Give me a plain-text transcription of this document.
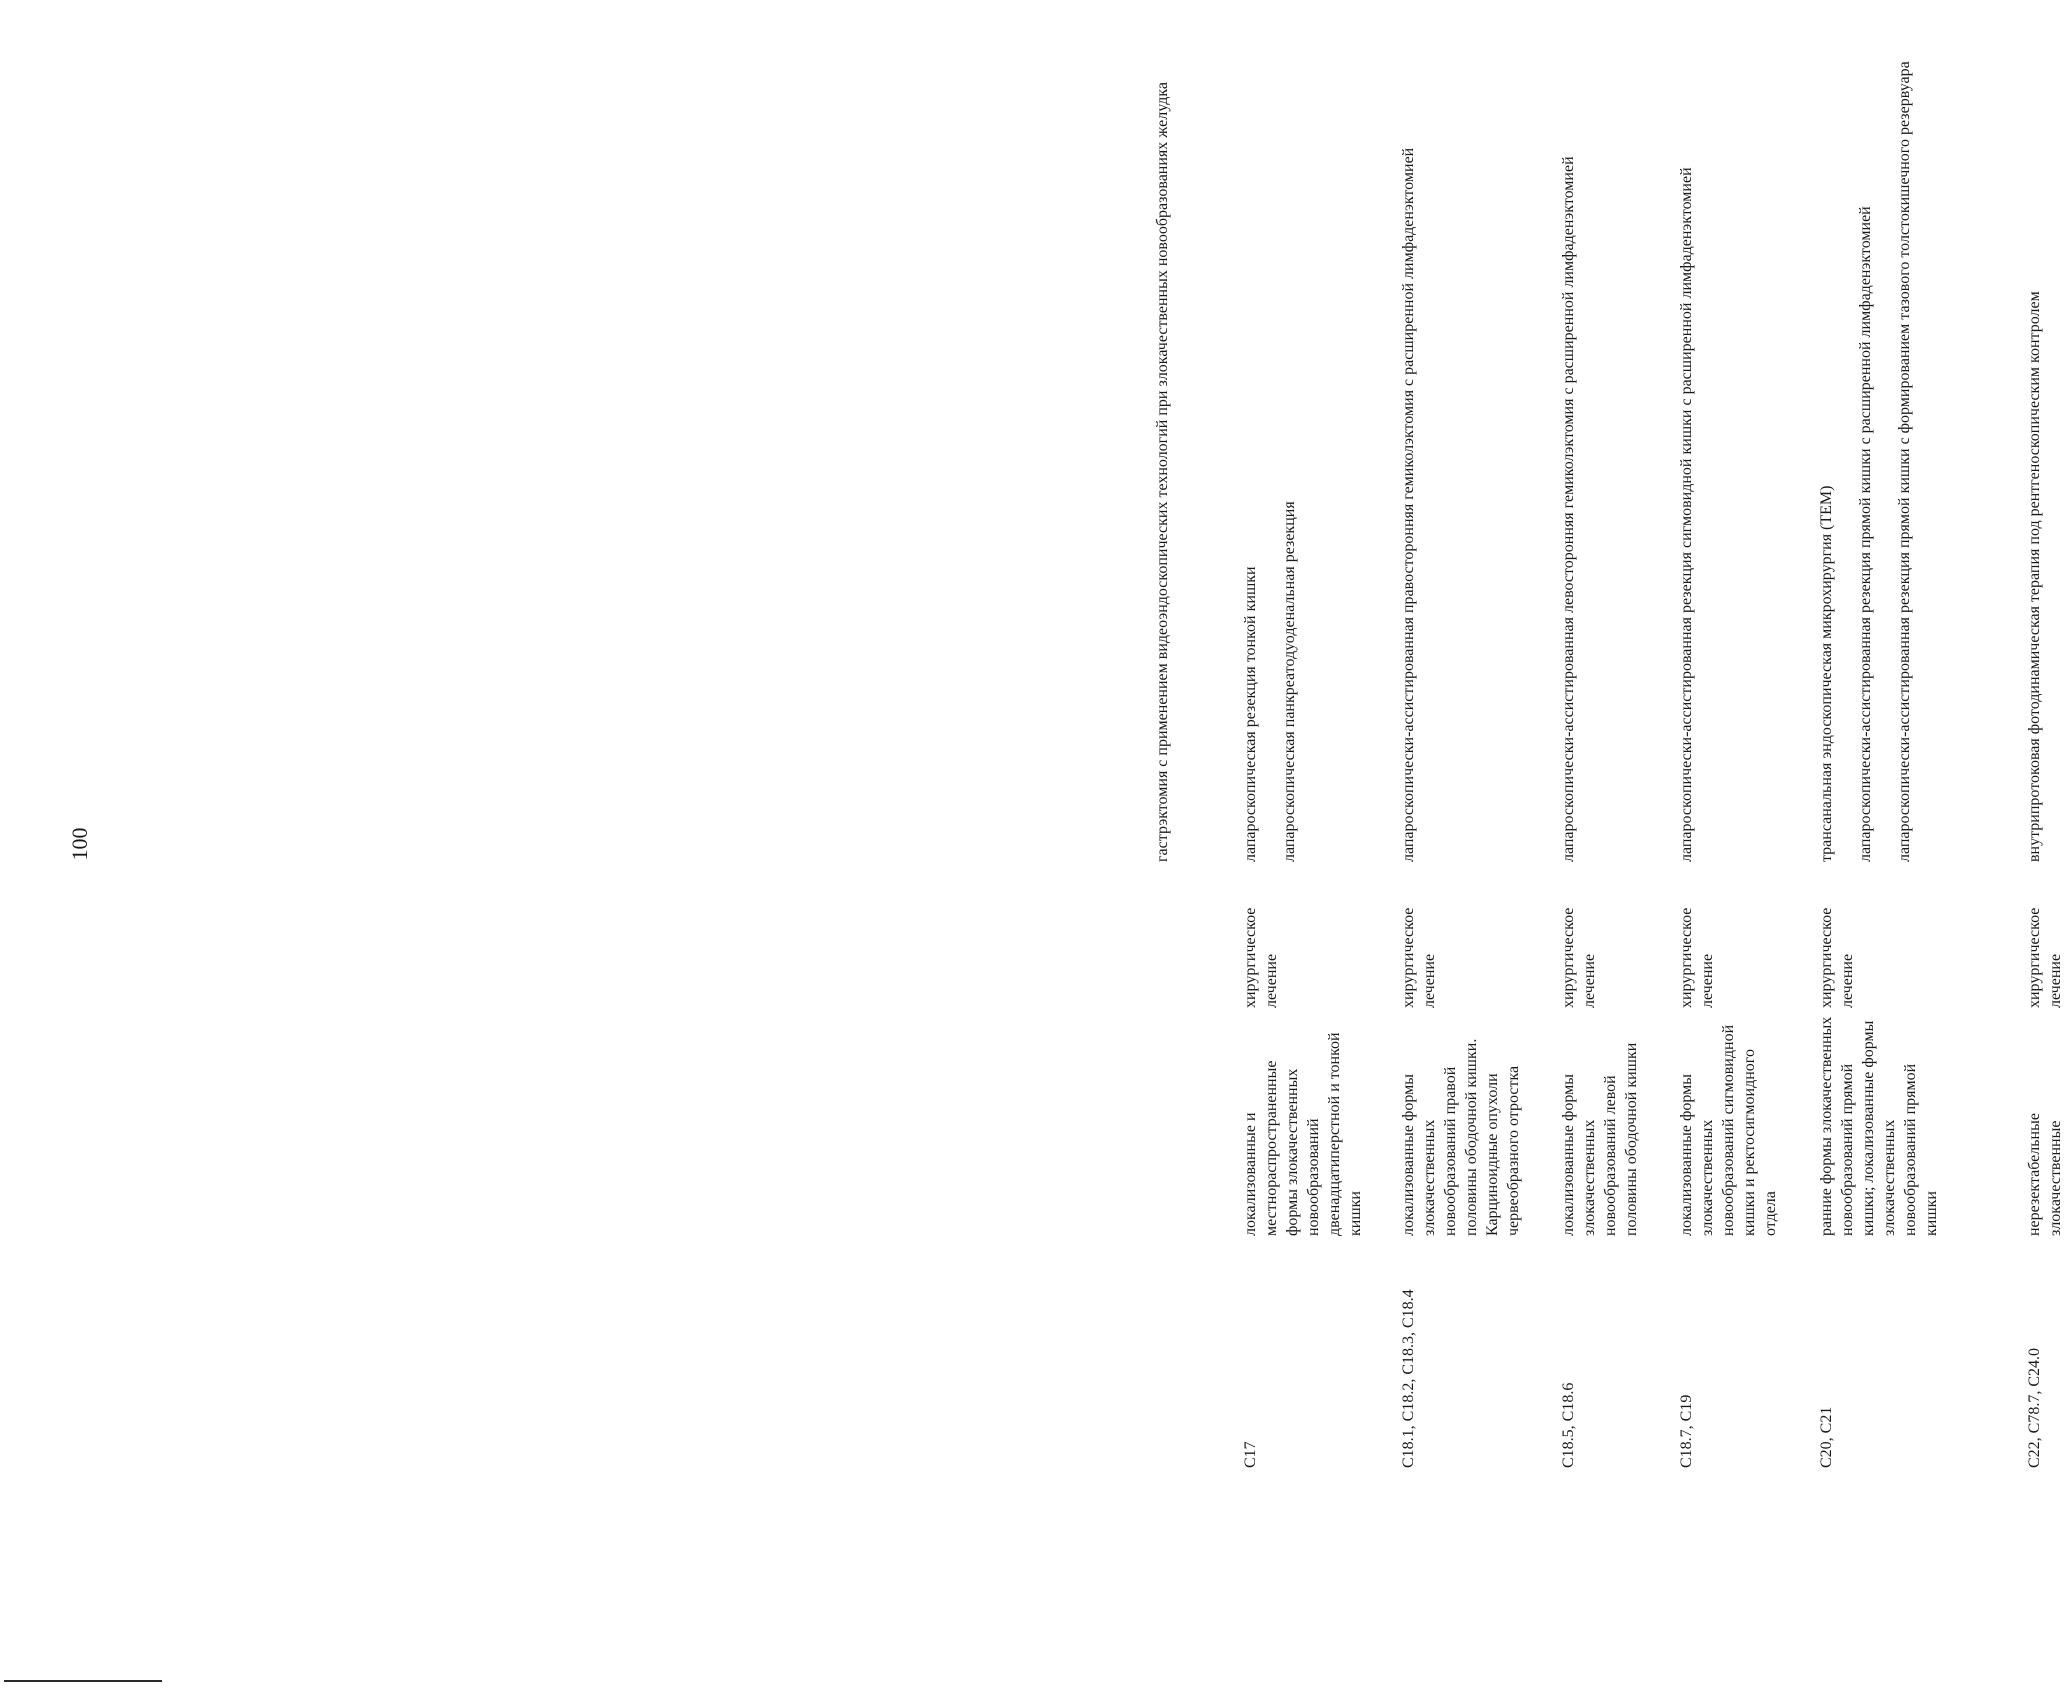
100	гастрэктомия с применением видеоэндоскопических технологий при злокачественных новообразованиях желудка
C17
локализованные и местнораспространенные формы злокачественных новообразований двенадцатиперстной и тонкой кишки
хирургическое лечение
лапароскопическая резекция тонкой кишки лапароскопическая панкреатодуоденальная резекция
C18.1, C18.2, C18.3, C18.4
локализованные формы злокачественных новообразований правой половины ободочной кишки. Карциноидные опухоли червеобразного отростка
хирургическое лечение
лапароскопически-ассистированная правосторонняя гемиколэктомия с расширенной лимфаденэктомией
C18.5, C18.6
локализованные формы злокачественных новообразований левой половины ободочной кишки
хирургическое лечение
лапароскопически-ассистированная левосторонняя гемиколэктомия с расширенной лимфаденэктомией
C18.7, C19
локализованные формы злокачественных новообразований сигмовидной кишки и ректосигмоидного отдела
хирургическое лечение
лапароскопически-ассистированная резекция сигмовидной кишки с расширенной лимфаденэктомией
C20, C21
ранние формы злокачественных новообразований прямой кишки; локализованные формы злокачественных новообразований прямой кишки
хирургическое лечение
трансанальная эндоскопическая микрохирургия (ТЕМ) лапароскопически-ассистированная резекция прямой кишки с расширенной лимфаденэктомией лапароскопически-ассистированная резекция прямой кишки с формированием тазового толстокишечного резервуара
C22, C78.7, C24.0
нерезектабельные злокачественные
хирургическое лечение
внутрипротоковая фотодинамическая терапия под рентгеноскопическим контролем
